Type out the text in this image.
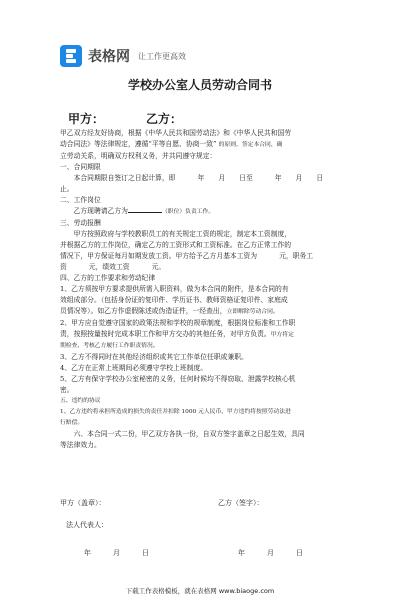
表格网 让工作更高效
学校办公室人员劳动合同书
甲方：	乙方：

甲乙双方经友好协商，根据《中华人民共和国劳动法》和《中华人民共和国劳

动合同法》等法律规定，遵循“平等自愿、协商一致” 的原则，签定本合同，确

立劳动关系，明确双方权利义务，并共同遵守规定：

一、合同期限

本合同期限自签订之日起计算，即	年 月 日至	年 月 日

止。

二、工作岗位

乙方现聘请乙方为	（职位）负责工作。

三、劳动报酬

甲方按照政府与学校教职员工的有关规定工资的规定，制定本工资制度，

并根据乙方的工作岗位，确定乙方的工资形式和工资标准。在乙方正常工作的

情况下，甲方保证每月如期发放工资。甲方给予乙方月基本工资为	元，职务工

资	元，绩效工资	元。

四、乙方的工作要求和劳动纪律

1、乙方须按甲方要求提供所需入职资料，做为本合同的附件，是本合同的有

效组成部分。（包括身份证的复印件、学历证书、教师资格证复印件、家庭成

员情况等）。如乙方作虚假陈述或伪造证件，一经查出，立即解除劳动合同。

2、甲方应自觉遵守国家的政策法规和学校的规章制度，根据岗位标准和工作职

责，按照按量按时完成本职工作和甲方交办的其他任务，对甲方负责。甲方将定

期检查、考核乙方履行工作职责情况。

3、乙方不得同时在其他经济组织或其它工作单位任职或兼职。

4、乙方在正常上班期间必须遵守学校上班制度。

5、乙方有保守学校办公室秘密的义务，任何时候均不得窃取、泄露学校核心机

密。

五、违约的协议

1、乙方违约将承担所造成的损失的责任并扣除 1000 元人民币，甲方违约将按照劳动法进

行赔偿。

六、本合同一式二份，甲乙双方各执一份，自双方签字盖章之日起生效，具同

等法律效力。

甲方（盖章）：	乙方（签字）：
法人代表人：
年	月	日	年	月	日
下载工作表格模板，就在表格网 www.biaoge.com
